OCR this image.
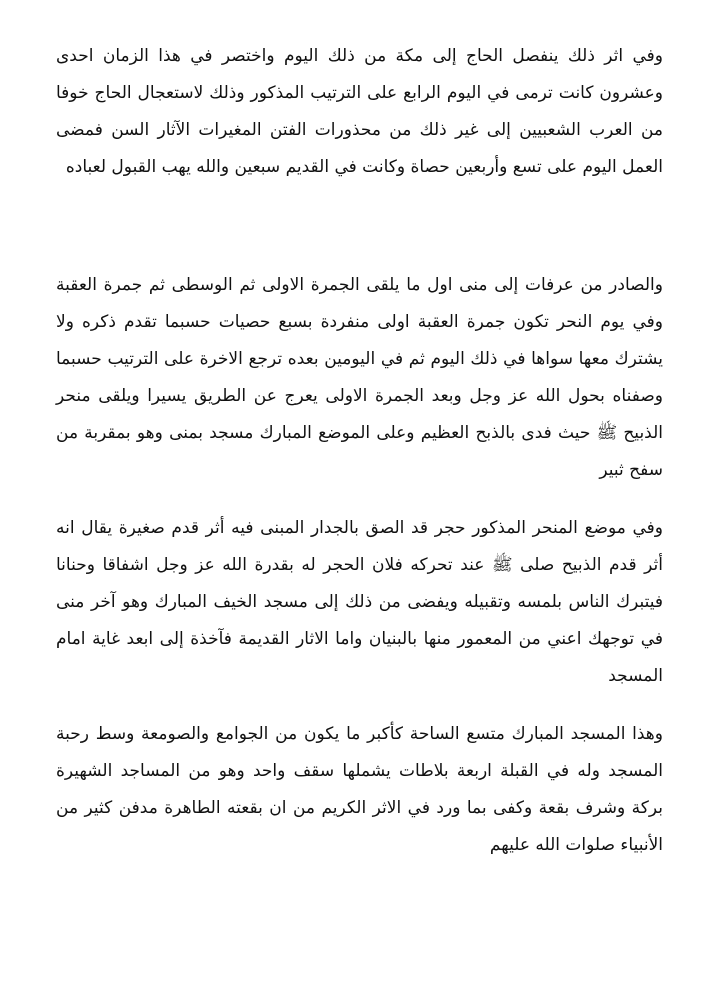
وفي اثر ذلك ينفصل الحاج إلى مكة من ذلك اليوم واختصر في هذا الزمان احدى وعشرون كانت ترمى في اليوم الرابع على الترتيب المذكور وذلك لاستعجال الحاج خوفا من العرب الشعبيين إلى غير ذلك من محذورات الفتن المغيرات الآثار السن فمضى العمل اليوم على تسع وأربعين حصاة وكانت في القديم سبعين والله يهب القبول لعباده

والصادر من عرفات إلى منى اول ما يلقى الجمرة الاولى ثم الوسطى ثم جمرة العقبة وفي يوم النحر تكون جمرة العقبة اولى منفردة بسبع حصيات حسبما تقدم ذكره ولا يشترك معها سواها في ذلك اليوم ثم في اليومين بعده ترجع الاخرة على الترتيب حسبما وصفناه بحول الله عز وجل وبعد الجمرة الاولى يعرج عن الطريق يسيرا ويلقى منحر الذبيح ﷺ حيث فدى بالذبح العظيم وعلى الموضع المبارك مسجد بمنى وهو بمقربة من سفح ثبير

وفي موضع المنحر المذكور حجر قد الصق بالجدار المبنى فيه أثر قدم صغيرة يقال انه أثر قدم الذبيح صلى ﷺ عند تحركه فلان الحجر له بقدرة الله عز وجل اشفاقا وحنانا فيتبرك الناس بلمسه وتقبيله ويفضى من ذلك إلى مسجد الخيف المبارك وهو آخر منى في توجهك اعني من المعمور منها بالبنيان واما الاثار القديمة فآخذة إلى ابعد غاية امام المسجد

وهذا المسجد المبارك متسع الساحة كأكبر ما يكون من الجوامع والصومعة وسط رحبة المسجد وله في القبلة اربعة بلاطات يشملها سقف واحد وهو من المساجد الشهيرة بركة وشرف بقعة وكفى بما ورد في الاثر الكريم من ان بقعته الطاهرة مدفن كثير من الأنبياء صلوات الله عليهم
